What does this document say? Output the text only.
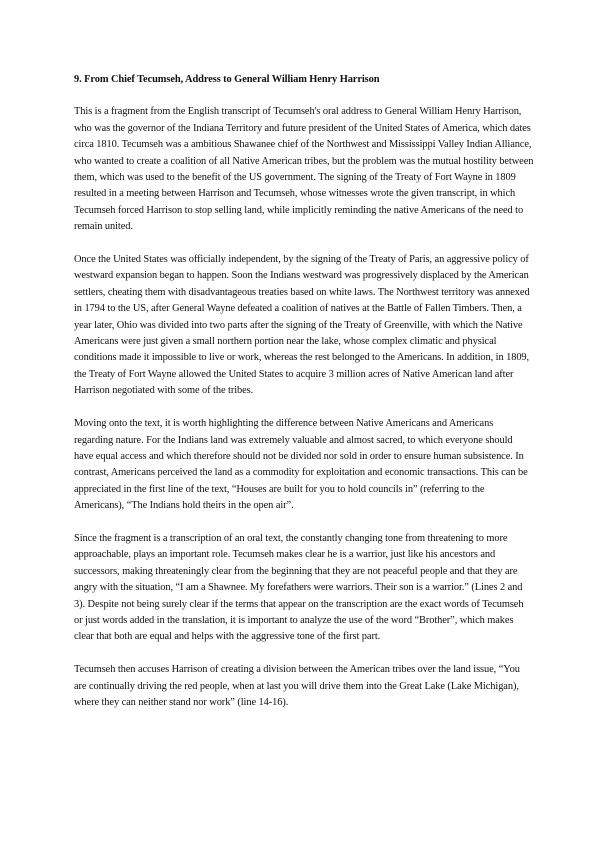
9. From Chief Tecumseh, Address to General William Henry Harrison

This is a fragment from the English transcript of Tecumseh's oral address to General William Henry Harrison, who was the governor of the Indiana Territory and future president of the United States of America, which dates circa 1810. Tecumseh was a ambitious Shawanee chief of the Northwest and Mississippi Valley Indian Alliance, who wanted to create a coalition of all Native American tribes, but the problem was the mutual hostility between them, which was used to the benefit of the US government. The signing of the Treaty of Fort Wayne in 1809 resulted in a meeting between Harrison and Tecumseh, whose witnesses wrote the given transcript, in which Tecumseh forced Harrison to stop selling land, while implicitly reminding the native Americans of the need to remain united.

Once the United States was officially independent, by the signing of the Treaty of Paris, an aggressive policy of westward expansion began to happen. Soon the Indians westward was progressively displaced by the American settlers, cheating them with disadvantageous treaties based on white laws. The Northwest territory was annexed in 1794 to the US, after General Wayne defeated a coalition of natives at the Battle of Fallen Timbers. Then, a year later, Ohio was divided into two parts after the signing of the Treaty of Greenville, with which the Native Americans were just given a small northern portion near the lake, whose complex climatic and physical conditions made it impossible to live or work, whereas the rest belonged to the Americans. In addition, in 1809, the Treaty of Fort Wayne allowed the United States to acquire 3 million acres of Native American land after Harrison negotiated with some of the tribes.

Moving onto the text, it is worth highlighting the difference between Native Americans and Americans regarding nature. For the Indians land was extremely valuable and almost sacred, to which everyone should have equal access and which therefore should not be divided nor sold in order to ensure human subsistence. In contrast, Americans perceived the land as a commodity for exploitation and economic transactions. This can be appreciated in the first line of the text, “Houses are built for you to hold councils in” (referring to the Americans), “The Indians hold theirs in the open air”.

Since the fragment is a transcription of an oral text, the constantly changing tone from threatening to more approachable, plays an important role. Tecumseh makes clear he is a warrior, just like his ancestors and successors, making threateningly clear from the beginning that they are not peaceful people and that they are angry with the situation, “I am a Shawnee. My forefathers were warriors. Their son is a warrior.” (Lines 2 and 3). Despite not being surely clear if the terms that appear on the transcription are the exact words of Tecumseh or just words added in the translation, it is important to analyze the use of the word “Brother”, which makes clear that both are equal and helps with the aggressive tone of the first part.

Tecumseh then accuses Harrison of creating a division between the American tribes over the land issue, “You are continually driving the red people, when at last you will drive them into the Great Lake (Lake Michigan), where they can neither stand nor work” (line 14-16).
